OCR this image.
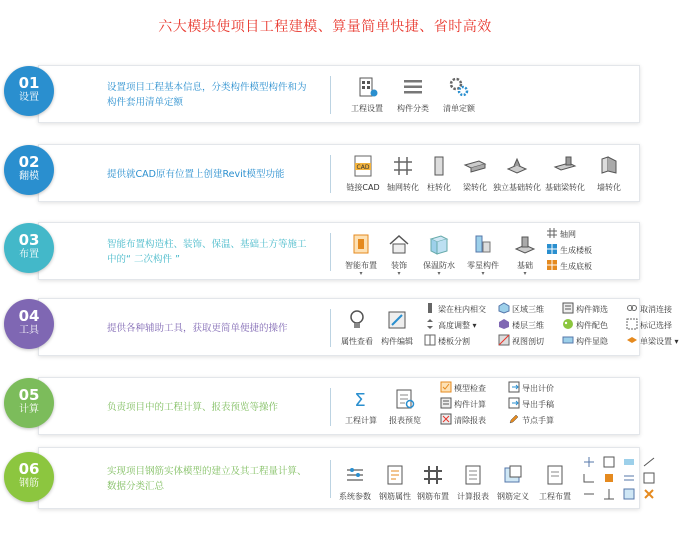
六大模块使项目工程建模、算量简单快捷、省时高效
设置项目工程基本信息，分类构件模型构件和为构件套用清单定额
工程设置	构件分类	清单定额
01
设置
提供就CAD原有位置上创建Revit模型功能
CAD
链接CAD 轴网转化	柱转化	梁转化 独立基础转化 基础梁转化	墙转化
02
翻模
智能布置构造柱、装饰、保温、基础土方等施工中的“ 二次构件 ”
智能布置
▾
装饰
▾
保温防水
▾
零星构件
▾
基础
▾
轴网
生成楼板
生成底板
03
布置
提供各种辅助工具，获取更简单便捷的操作
属性查看	构件编辑
梁在柱内相交
高度调整 ▾
楼板分割
区域三维
楼层三维
视图剖切
构件筛选
构件配色
构件显隐
取消连接
标记选择
单梁设置 ▾
04
工具
负责项目中的工程计算、报表预览等操作	Σ
工程计算	报表预览
模型检查
构件计算
清除报表
导出计价
导出手稿
节点手算
05
计算
实现项目钢筋实体模型的建立及其工程量计算、数据分类汇总
系统参数	钢筋属性 钢筋布置	计算报表	钢筋定义	工程布置
06
钢筋
